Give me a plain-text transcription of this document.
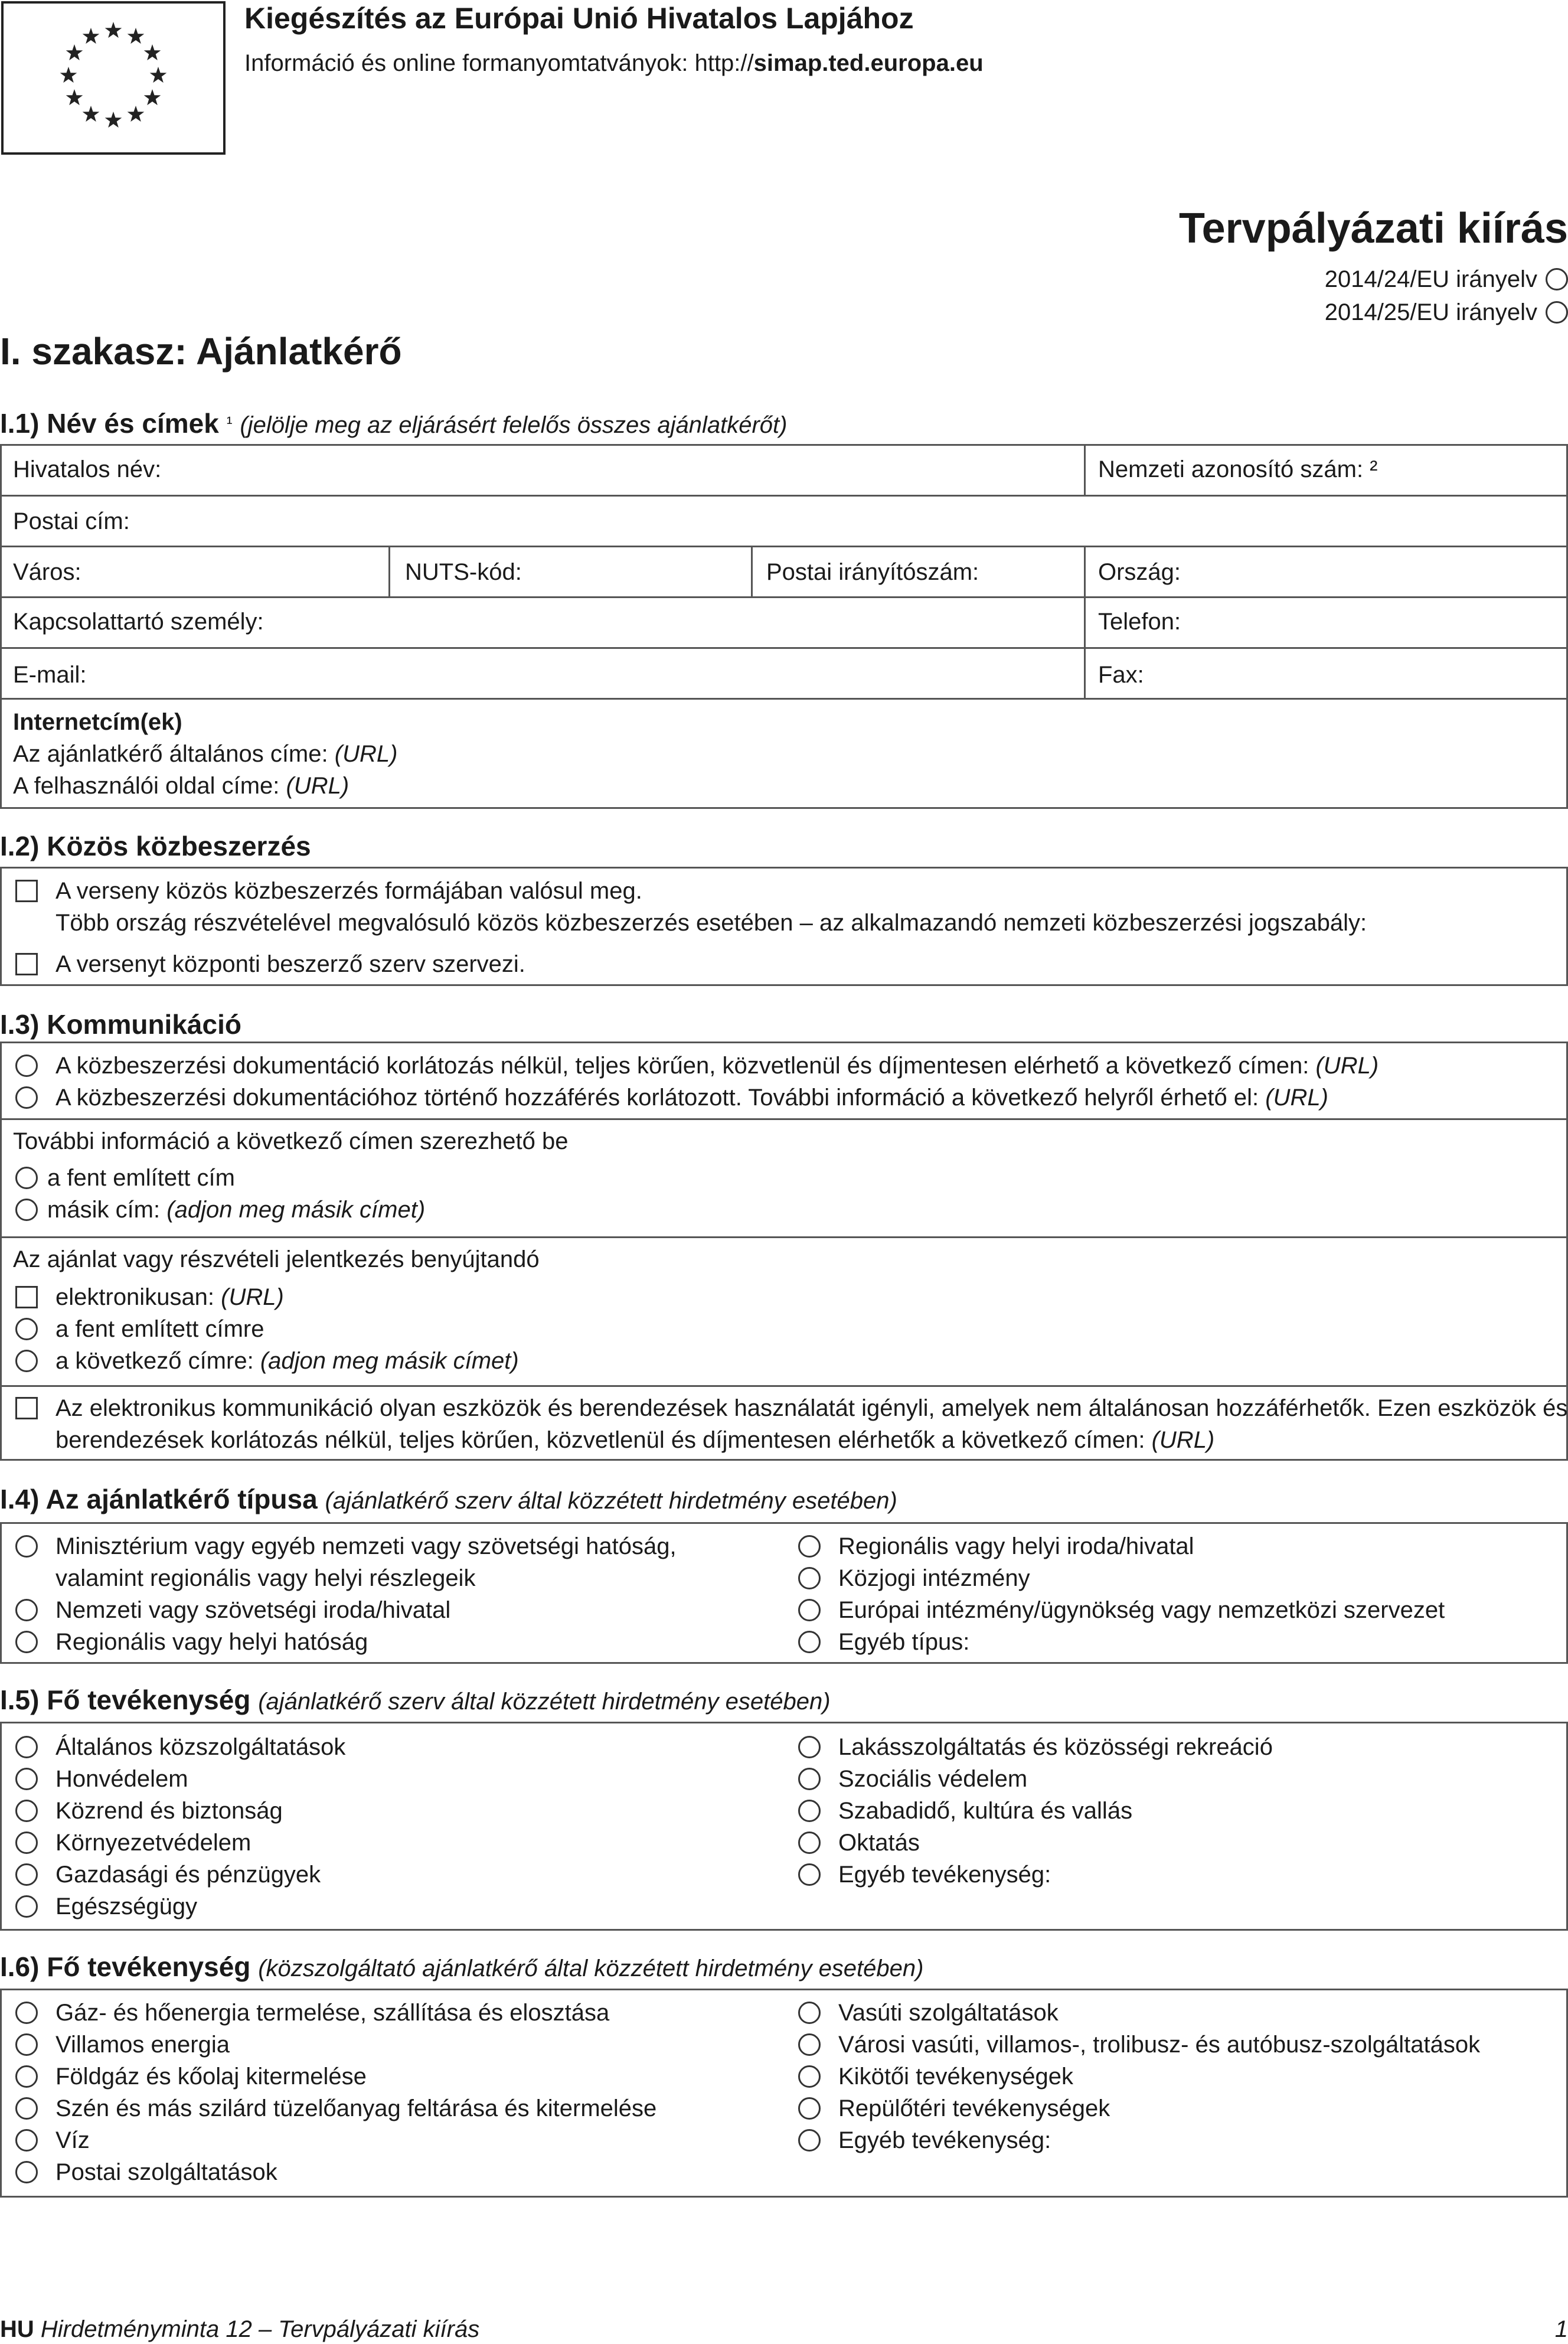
Kiegészítés az Európai Unió Hivatalos Lapjához
Információ és online formanyomtatványok: http://simap.ted.europa.eu
Tervpályázati kiírás
2014/24/EU irányelv
2014/25/EU irányelv
I. szakasz: Ajánlatkérő
I.1) Név és címek $^{^1}$ (jelölje meg az eljárásért felelős összes ajánlatkérőt)
Hivatalos név:	Nemzeti azonosító szám: ²
Postai cím:
Város:	NUTS-kód:	Postai irányítószám:	Ország:
Kapcsolattartó személy:	Telefon:
E-mail:	Fax:
Internetcím(ek)
Az ajánlatkérő általános címe: (URL)
A felhasználói oldal címe: (URL)
I.2) Közös közbeszerzés
A verseny közös közbeszerzés formájában valósul meg.
Több ország részvételével megvalósuló közös közbeszerzés esetében – az alkalmazandó nemzeti közbeszerzési jogszabály:
A versenyt központi beszerző szerv szervezi.
I.3) Kommunikáció
A közbeszerzési dokumentáció korlátozás nélkül, teljes körűen, közvetlenül és díjmentesen elérhető a következő címen: (URL)
A közbeszerzési dokumentációhoz történő hozzáférés korlátozott. További információ a következő helyről érhető el: (URL)
További információ a következő címen szerezhető be
a fent említett cím
másik cím: (adjon meg másik címet)
Az ajánlat vagy részvételi jelentkezés benyújtandó
elektronikusan: (URL)
a fent említett címre
a következő címre: (adjon meg másik címet)
Az elektronikus kommunikáció olyan eszközök és berendezések használatát igényli, amelyek nem általánosan hozzáférhetők. Ezen eszközök és
berendezések korlátozás nélkül, teljes körűen, közvetlenül és díjmentesen elérhetők a következő címen: (URL)
I.4) Az ajánlatkérő típusa (ajánlatkérő szerv által közzétett hirdetmény esetében)
Minisztérium vagy egyéb nemzeti vagy szövetségi hatóság,
valamint regionális vagy helyi részlegeik
Nemzeti vagy szövetségi iroda/hivatal
Regionális vagy helyi hatóság
Regionális vagy helyi iroda/hivatal
Közjogi intézmény
Európai intézmény/ügynökség vagy nemzetközi szervezet
Egyéb típus:
I.5) Fő tevékenység (ajánlatkérő szerv által közzétett hirdetmény esetében)
Általános közszolgáltatások
Honvédelem
Közrend és biztonság
Környezetvédelem
Gazdasági és pénzügyek
Egészségügy
Lakásszolgáltatás és közösségi rekreáció
Szociális védelem
Szabadidő, kultúra és vallás
Oktatás
Egyéb tevékenység:
I.6) Fő tevékenység (közszolgáltató ajánlatkérő által közzétett hirdetmény esetében)
Gáz- és hőenergia termelése, szállítása és elosztása
Villamos energia
Földgáz és kőolaj kitermelése
Szén és más szilárd tüzelőanyag feltárása és kitermelése
Víz
Postai szolgáltatások
Vasúti szolgáltatások
Városi vasúti, villamos-, trolibusz- és autóbusz-szolgáltatások
Kikötői tevékenységek
Repülőtéri tevékenységek
Egyéb tevékenység:
HU Hirdetményminta 12 – Tervpályázati kiírás	1
